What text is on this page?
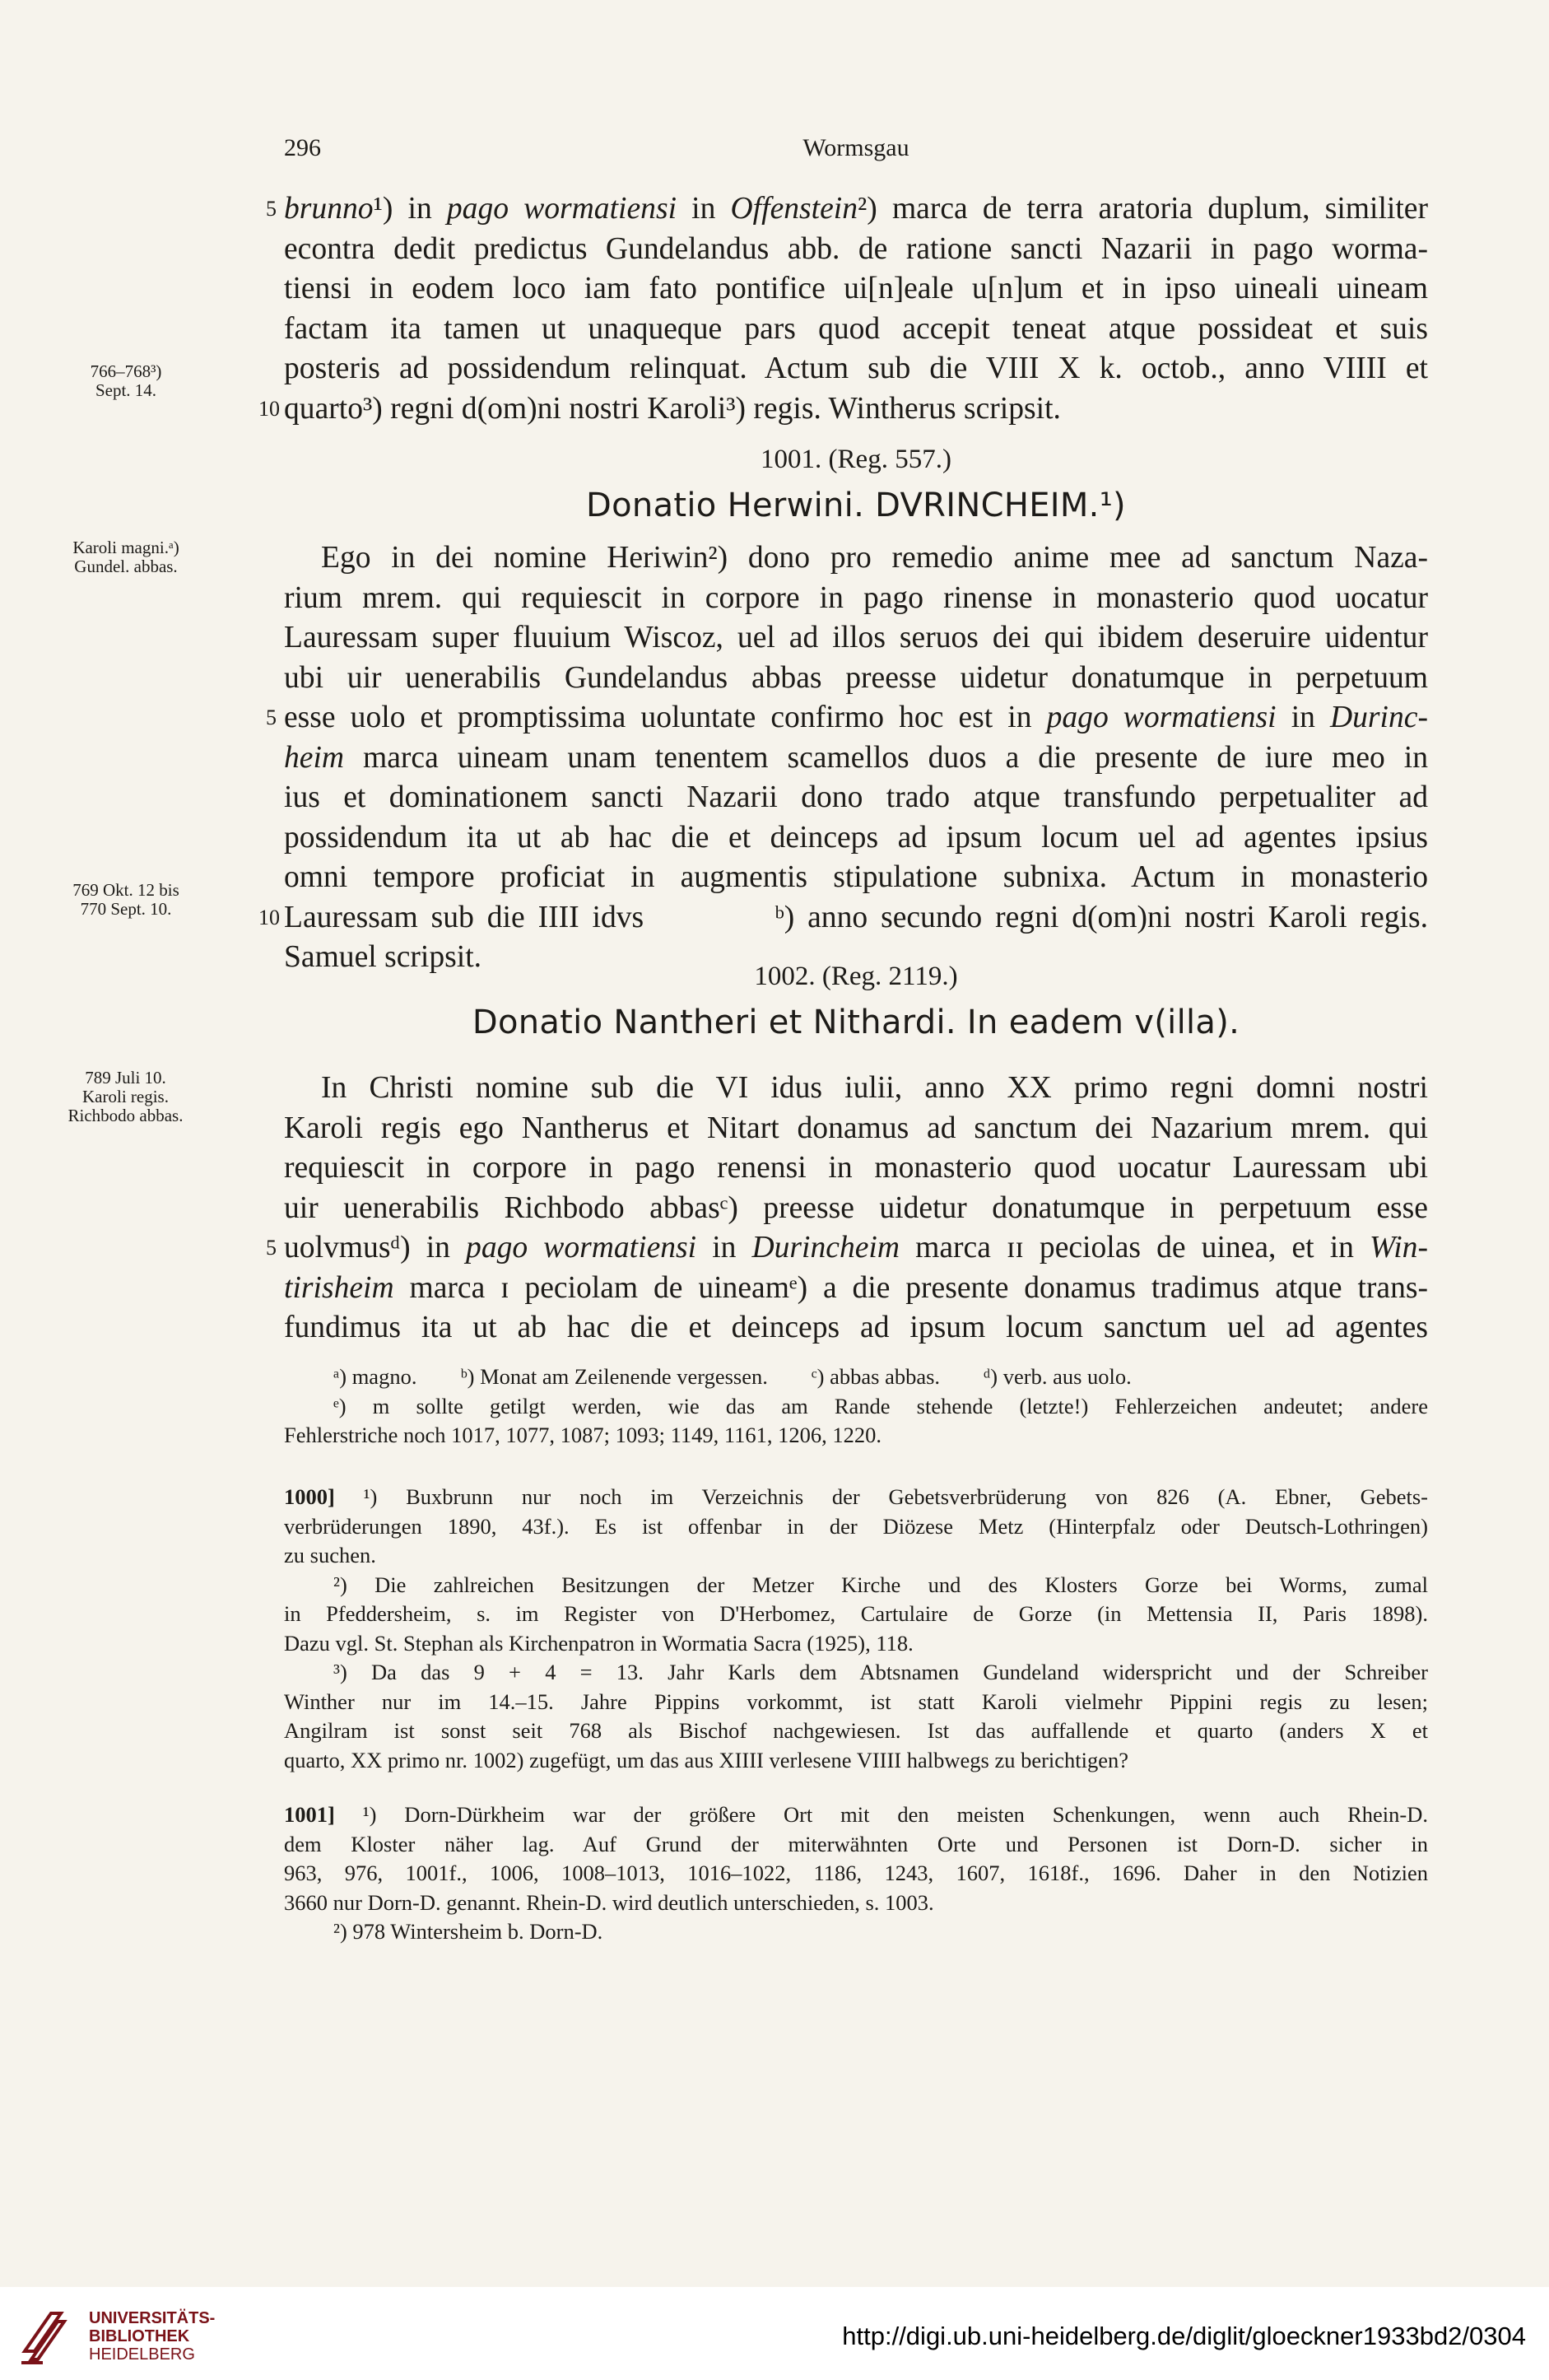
296	Wormsgau
766–768³)
Sept. 14.
Karoli magni.ᵃ)
Gundel. abbas.
769 Okt. 12 bis
770 Sept. 10.
789 Juli 10.
Karoli regis.
Richbodo abbas.
5 brunno¹) in pago wormatiensi in Offenstein²) marca de terra aratoria duplum, similiter
econtra dedit predictus Gundelandus abb. de ratione sancti Nazarii in pago worma-
tiensi in eodem loco iam fato pontifice ui[n]eale u[n]um et in ipso uineali uineam
factam ita tamen ut unaqueque pars quod accepit teneat atque possideat et suis
posteris ad possidendum relinquat. Actum sub die VIII X k. octob., anno VIIII et
10 quarto³) regni d(om)ni nostri Karoli³) regis. Wintherus scripsit.
1001. (Reg. 557.)
Donatio Herwini. DVRINCHEIM.¹)
Ego in dei nomine Heriwin²) dono pro remedio anime mee ad sanctum Naza-
rium mrem. qui requiescit in corpore in pago rinense in monasterio quod uocatur
Lauressam super fluuium Wiscoz, uel ad illos seruos dei qui ibidem deseruire uidentur
ubi uir uenerabilis Gundelandus abbas preesse uidetur donatumque in perpetuum
5 esse uolo et promptissima uoluntate confirmo hoc est in pago wormatiensi in Durinc-
heim marca uineam unam tenentem scamellos duos a die presente de iure meo in
ius et dominationem sancti Nazarii dono trado atque transfundo perpetualiter ad
possidendum ita ut ab hac die et deinceps ad ipsum locum uel ad agentes ipsius
omni tempore proficiat in augmentis stipulatione subnixa. Actum in monasterio
10 Lauressam sub die IIII idvs          ᵇ) anno secundo regni d(om)ni nostri Karoli regis.
Samuel scripsit.
1002. (Reg. 2119.)
Donatio Nantheri et Nithardi. In eadem v(illa).
In Christi nomine sub die VI idus iulii, anno XX primo regni domni nostri
Karoli regis ego Nantherus et Nitart donamus ad sanctum dei Nazarium mrem. qui
requiescit in corpore in pago renensi in monasterio quod uocatur Lauressam ubi
uir uenerabilis Richbodo abbasᶜ) preesse uidetur donatumque in perpetuum esse
5 uolvmusᵈ) in pago wormatiensi in Durincheim marca ɪɪ peciolas de uinea, et in Win-
tirisheim marca ɪ peciolam de uineamᵉ) a die presente donamus tradimus atque trans-
fundimus ita ut ab hac die et deinceps ad ipsum locum sanctum uel ad agentes
ᵃ) magno. ᵇ) Monat am Zeilenende vergessen. ᶜ) abbas abbas. ᵈ) verb. aus uolo.
ᵉ) m sollte getilgt werden, wie das am Rande stehende (letzte!) Fehlerzeichen andeutet; andere
Fehlerstriche noch 1017, 1077, 1087; 1093; 1149, 1161, 1206, 1220.
1000] ¹) Buxbrunn nur noch im Verzeichnis der Gebetsverbrüderung von 826 (A. Ebner, Gebets-
verbrüderungen 1890, 43f.). Es ist offenbar in der Diözese Metz (Hinterpfalz oder Deutsch-Lothringen)
zu suchen.
²) Die zahlreichen Besitzungen der Metzer Kirche und des Klosters Gorze bei Worms, zumal
in Pfeddersheim, s. im Register von D'Herbomez, Cartulaire de Gorze (in Mettensia II, Paris 1898).
Dazu vgl. St. Stephan als Kirchenpatron in Wormatia Sacra (1925), 118.
³) Da das 9 + 4 = 13. Jahr Karls dem Abtsnamen Gundeland widerspricht und der Schreiber
Winther nur im 14.–15. Jahre Pippins vorkommt, ist statt Karoli vielmehr Pippini regis zu lesen;
Angilram ist sonst seit 768 als Bischof nachgewiesen. Ist das auffallende et quarto (anders X et
quarto, XX primo nr. 1002) zugefügt, um das aus XIIII verlesene VIIII halbwegs zu berichtigen?
1001] ¹) Dorn-Dürkheim war der größere Ort mit den meisten Schenkungen, wenn auch Rhein-D.
dem Kloster näher lag. Auf Grund der miterwähnten Orte und Personen ist Dorn-D. sicher in
963, 976, 1001f., 1006, 1008–1013, 1016–1022, 1186, 1243, 1607, 1618f., 1696. Daher in den Notizien
3660 nur Dorn-D. genannt. Rhein-D. wird deutlich unterschieden, s. 1003.
²) 978 Wintersheim b. Dorn-D.
UNIVERSITÄTS-
BIBLIOTHEK
HEIDELBERG
http://digi.ub.uni-heidelberg.de/diglit/gloeckner1933bd2/0304
